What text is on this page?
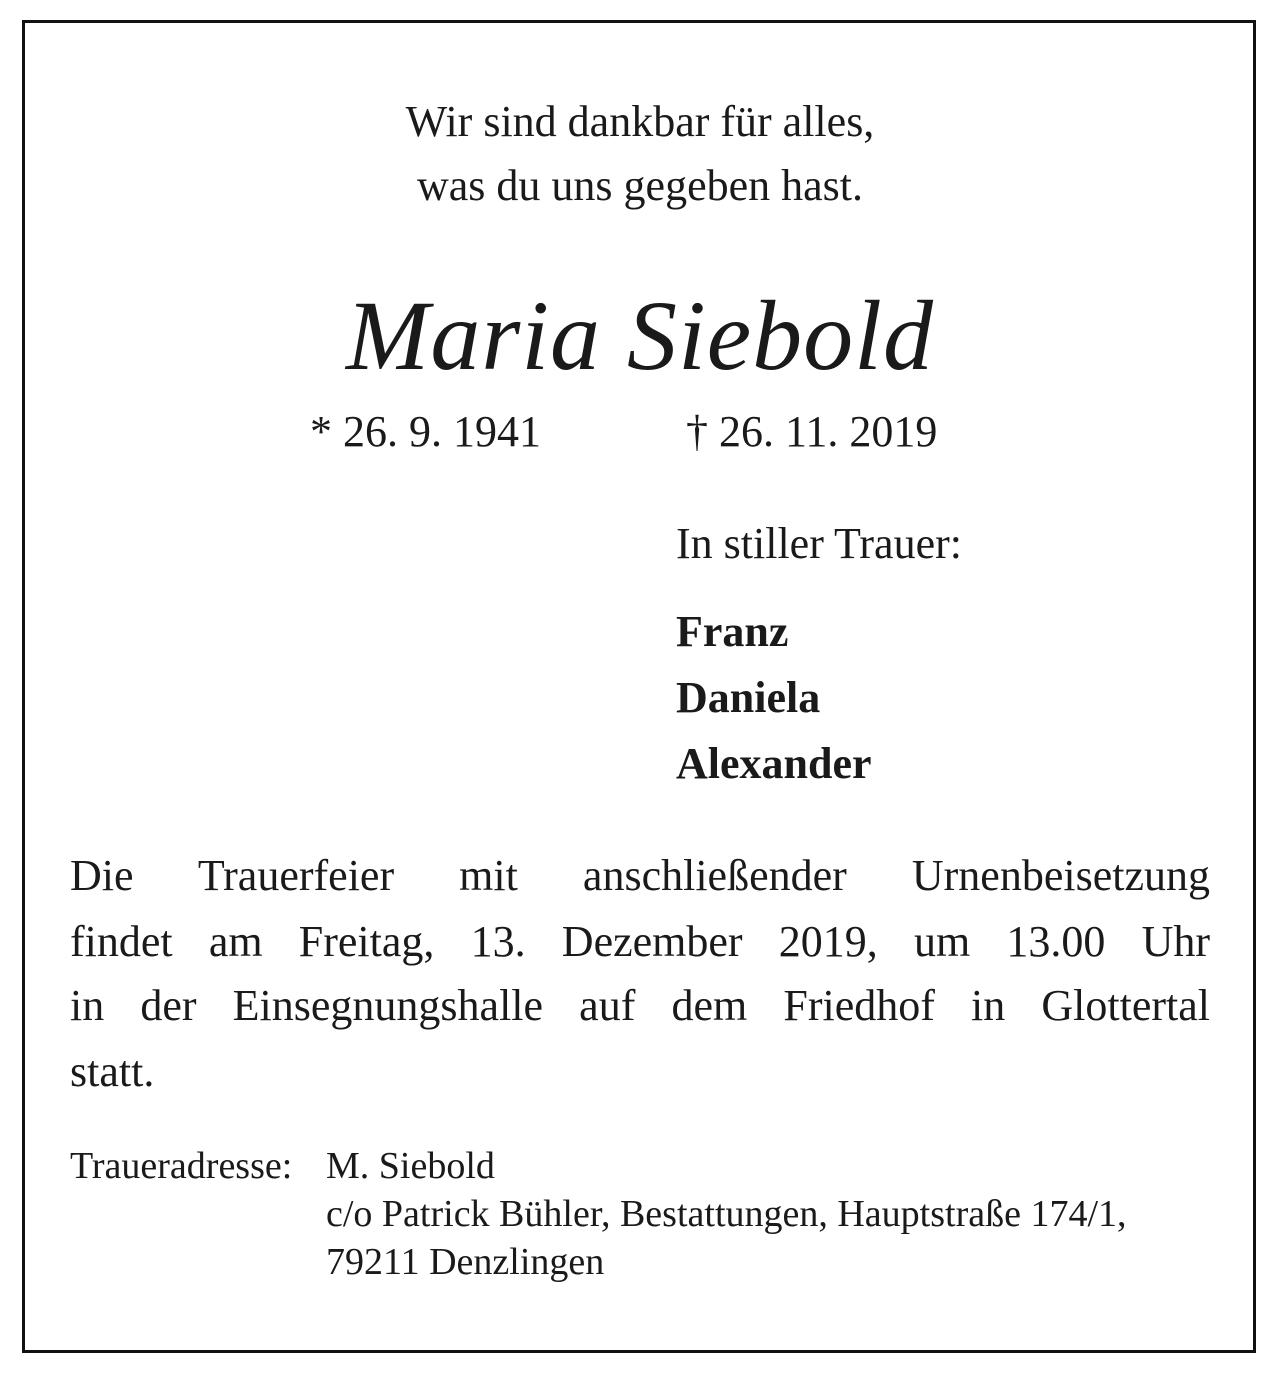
Wir sind dankbar für alles,
was du uns gegeben hast.
Maria Siebold
* 26. 9. 1941	† 26. 11. 2019
In stiller Trauer:
Franz
Daniela
Alexander
Die Trauerfeier mit anschließender Urnenbeisetzung
findet am Freitag, 13. Dezember 2019, um 13.00 Uhr
in der Einsegnungshalle auf dem Friedhof in Glottertal
statt.
Traueradresse: M. Siebold
c/o Patrick Bühler, Bestattungen, Hauptstraße 174/1,
79211 Denzlingen
